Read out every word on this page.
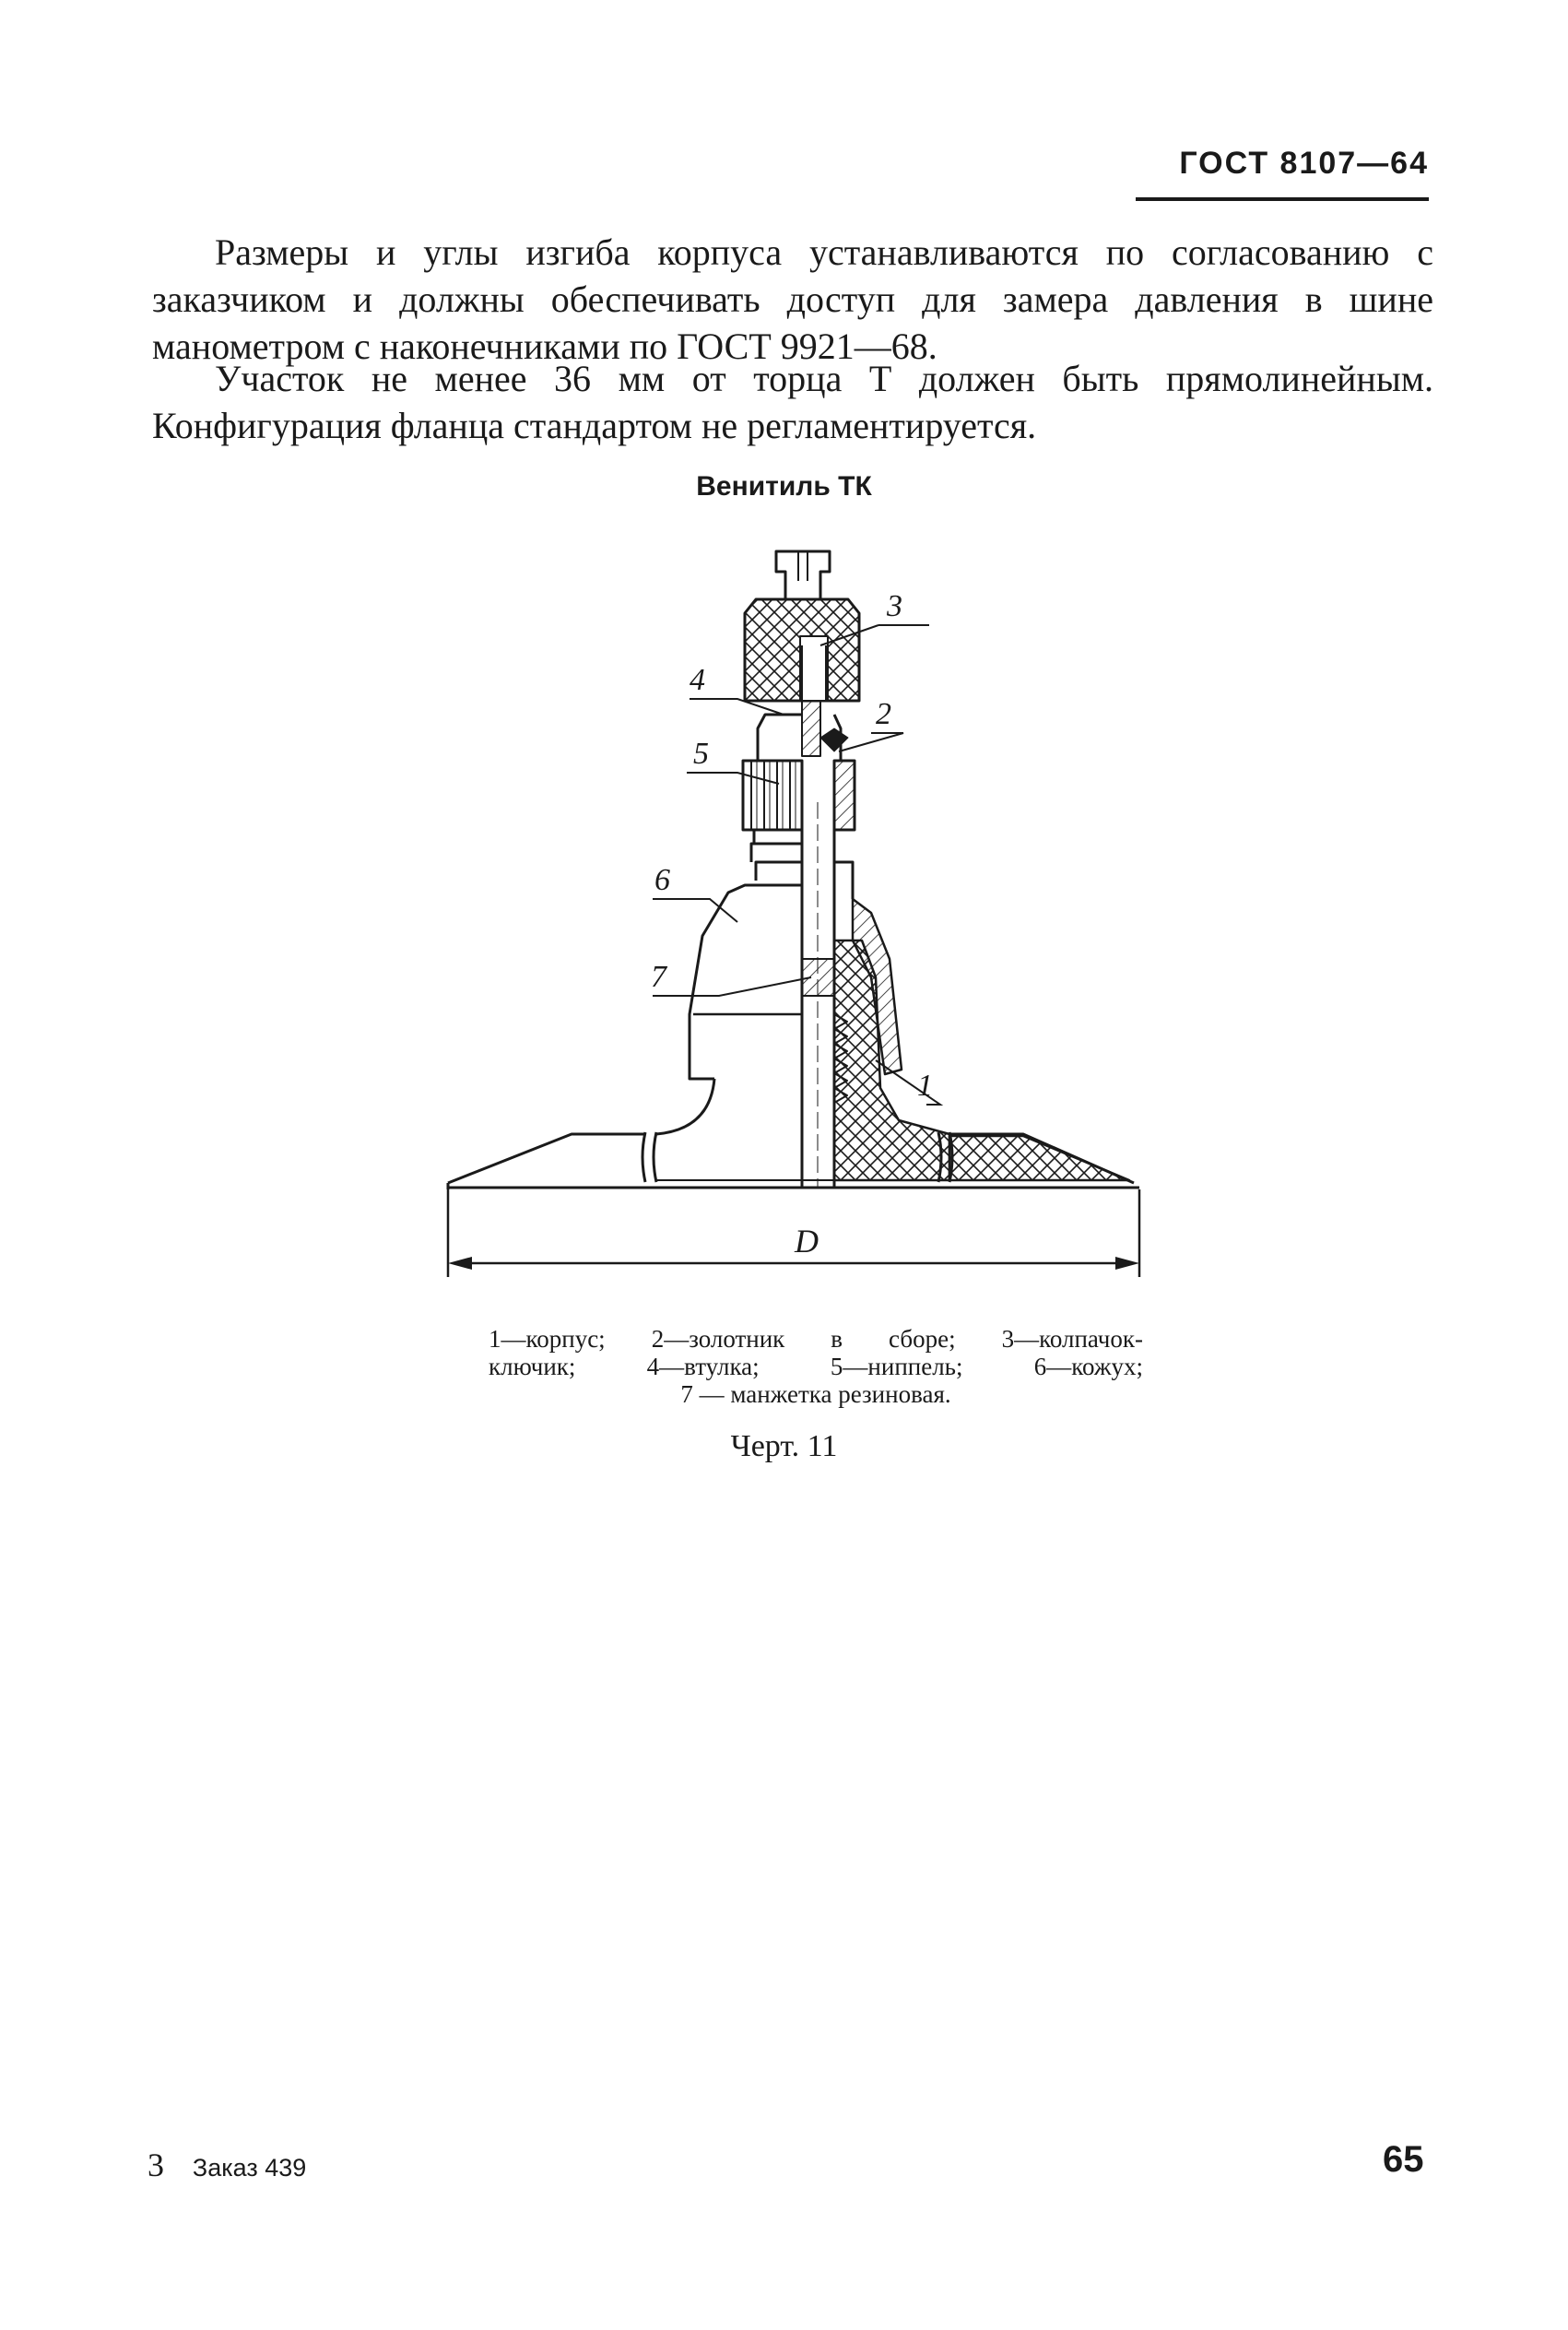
ГОСТ 8107—64

Размеры и углы изгиба корпуса устанавливаются по согласованию с заказчиком и должны обеспечивать доступ для замера давления в шине манометром с наконечниками по ГОСТ 9921—68.

Участок не менее 36 мм от торца Т должен быть прямолинейным. Конфигурация фланца стандартом не регламентируется.

Венитиль ТК
D
3
4
2
5
6
7
1
1—корпус; 2—золотник в сборе; 3—колпачок-
ключик; 4—втулка; 5—ниппель; 6—кожух;
7 — манжетка резиновая.
Черт. 11
3 Заказ 439	65
